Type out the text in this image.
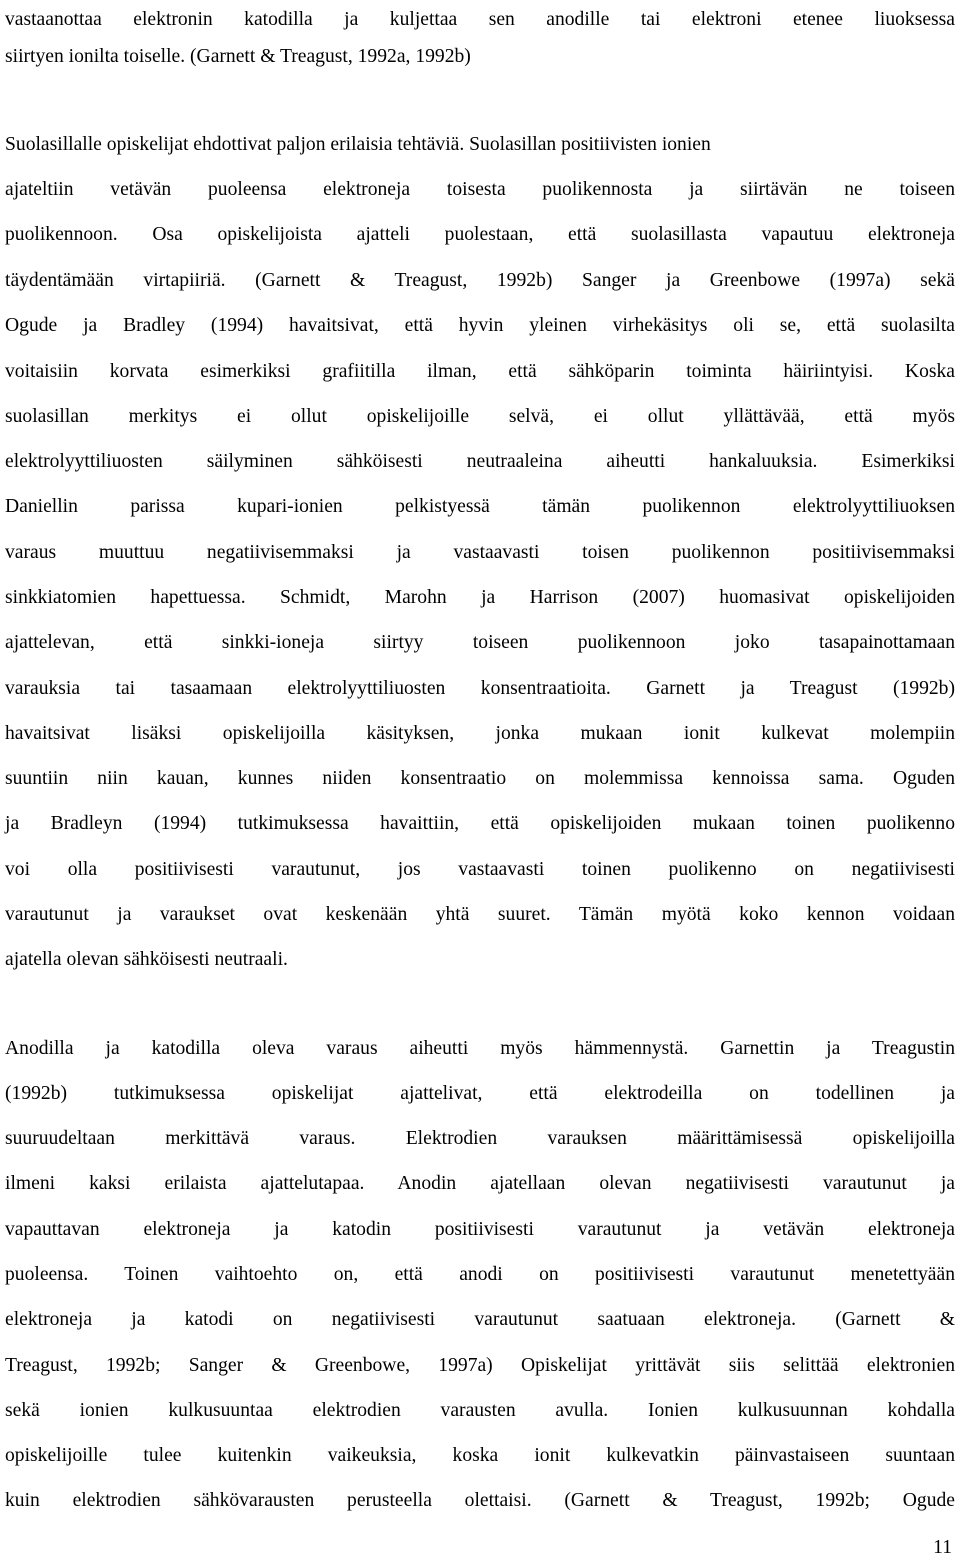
vastaanottaa elektronin katodilla ja kuljettaa sen anodille tai elektroni etenee liuoksessa
siirtyen ionilta toiselle. (Garnett & Treagust, 1992a, 1992b)
Suolasillalle opiskelijat ehdottivat paljon erilaisia tehtäviä. Suolasillan positiivisten ionien
ajateltiin vetävän puoleensa elektroneja toisesta puolikennosta ja siirtävän ne toiseen
puolikennoon. Osa opiskelijoista ajatteli puolestaan, että suolasillasta vapautuu elektroneja
täydentämään virtapiiriä. (Garnett & Treagust, 1992b) Sanger ja Greenbowe (1997a) sekä
Ogude ja Bradley (1994) havaitsivat, että hyvin yleinen virhekäsitys oli se, että suolasilta
voitaisiin korvata esimerkiksi grafiitilla ilman, että sähköparin toiminta häiriintyisi. Koska
suolasillan merkitys ei ollut opiskelijoille selvä, ei ollut yllättävää, että myös
elektrolyyttiliuosten säilyminen sähköisesti neutraaleina aiheutti hankaluuksia. Esimerkiksi
Daniellin parissa kupari-ionien pelkistyessä tämän puolikennon elektrolyyttiliuoksen
varaus muuttuu negatiivisemmaksi ja vastaavasti toisen puolikennon positiivisemmaksi
sinkkiatomien hapettuessa. Schmidt, Marohn ja Harrison (2007) huomasivat opiskelijoiden
ajattelevan, että sinkki-ioneja siirtyy toiseen puolikennoon joko tasapainottamaan
varauksia tai tasaamaan elektrolyyttiliuosten konsentraatioita. Garnett ja Treagust (1992b)
havaitsivat lisäksi opiskelijoilla käsityksen, jonka mukaan ionit kulkevat molempiin
suuntiin niin kauan, kunnes niiden konsentraatio on molemmissa kennoissa sama. Oguden
ja Bradleyn (1994) tutkimuksessa havaittiin, että opiskelijoiden mukaan toinen puolikenno
voi olla positiivisesti varautunut, jos vastaavasti toinen puolikenno on negatiivisesti
varautunut ja varaukset ovat keskenään yhtä suuret. Tämän myötä koko kennon voidaan
ajatella olevan sähköisesti neutraali.
Anodilla ja katodilla oleva varaus aiheutti myös hämmennystä. Garnettin ja Treagustin
(1992b) tutkimuksessa opiskelijat ajattelivat, että elektrodeilla on todellinen ja
suuruudeltaan merkittävä varaus. Elektrodien varauksen määrittämisessä opiskelijoilla
ilmeni kaksi erilaista ajattelutapaa. Anodin ajatellaan olevan negatiivisesti varautunut ja
vapauttavan elektroneja ja katodin positiivisesti varautunut ja vetävän elektroneja
puoleensa. Toinen vaihtoehto on, että anodi on positiivisesti varautunut menetettyään
elektroneja ja katodi on negatiivisesti varautunut saatuaan elektroneja. (Garnett &
Treagust, 1992b; Sanger & Greenbowe, 1997a) Opiskelijat yrittävät siis selittää elektronien
sekä ionien kulkusuuntaa elektrodien varausten avulla. Ionien kulkusuunnan kohdalla
opiskelijoille tulee kuitenkin vaikeuksia, koska ionit kulkevatkin päinvastaiseen suuntaan
kuin elektrodien sähkövarausten perusteella olettaisi. (Garnett & Treagust, 1992b; Ogude
11
